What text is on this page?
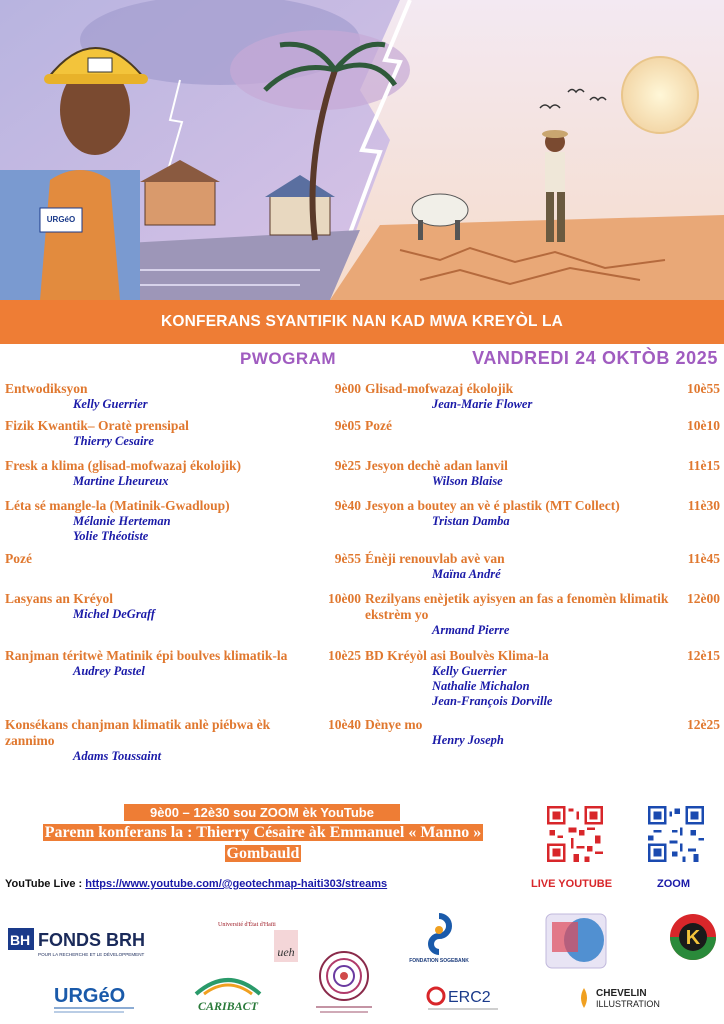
URGéO
KONFERANS SYANTIFIK NAN KAD MWA KREYÒL LA
PWOGRAM	VANDREDI 24 OKTÒB 2025
Entwodiksyon	9è00
Kelly Guerrier
Fizik Kwantik– Oratè prensipal	9è05
Thierry Cesaire
Fresk a klima (glisad-mofwazaj ékolojik)	9è25
Martine Lheureux
Léta sé mangle-la (Matinik-Gwadloup)	9è40
Mélanie Herteman
Yolie Théotiste
Pozé	9è55
Lasyans an Kréyol	10è00
Michel DeGraff
Ranjman téritwè Matinik épi boulves klimatik-la	10è25
Audrey Pastel
Konsékans chanjman klimatik anlè piébwa èk zannimo
10è40
Adams Toussaint
Glisad-mofwazaj ékolojik	10è55
Jean-Marie Flower
Pozé	10è10
Jesyon dechè adan lanvil	11è15
Wilson Blaise
Jesyon a boutey an vè é plastik (MT Collect)	11è30
Tristan Damba
Énèji renouvlab avè van	11è45
Maïna André
Rezilyans enèjetik ayisyen an fas a fenomèn klimatik ekstrèm yo
12è00
Armand Pierre
BD Kréyòl asi Boulvès Klima-la	12è15
Kelly Guerrier
Nathalie Michalon
Jean-François Dorville
Dènye mo	12è25
Henry Joseph
9è00 – 12è30 sou ZOOM èk YouTube
Parenn konferans la : Thierry Césaire àk Emmanuel « Manno » Gombauld
YouTube Live : https://www.youtube.com/@geotechmap-haiti303/streams	LIVE YOUTUBE	ZOOM
B H FONDS BRH
POUR LA RECHERCHE ET LE DÉVELOPPEMENT
Université d'État d'Haïti
ueh
FONDATION SOGEBANK
K
URGéO	CARIBACT	ERC2	CHEVELIN
ILLUSTRATION
